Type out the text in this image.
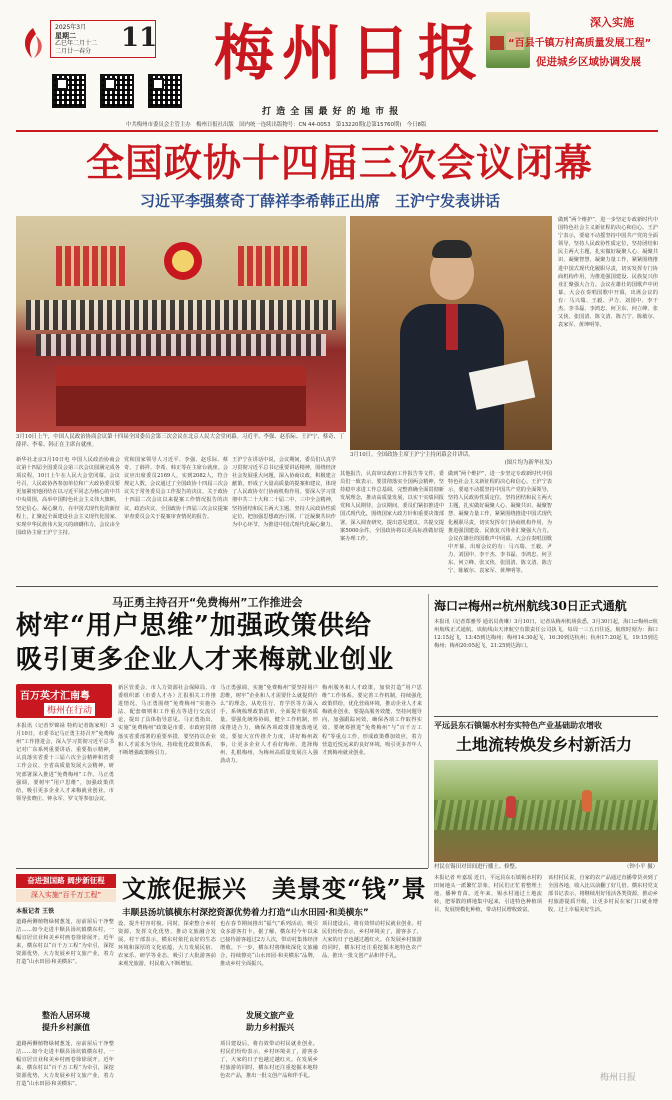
2025年3月
星期二
乙巳年二月十二
二月廿一春分 11 梅州日报
打 造 全 国 最 好 的 地 市 报
深入实施
“百县千镇万村高质量发展工程”
促进城乡区域协调发展
中共梅州市委员会主管主办　梅州日报社出版　国内统一连续出版物号：CN 44-0053　第13220期(总第15760期)　今日8版
全国政协十四届三次会议闭幕
习近平李强蔡奇丁薛祥李希韩正出席　王沪宁发表讲话
3月10日上午，中国人民政治协商会议第十四届全国委员会第三次会议在北京人民大会堂闭幕。习近平、李强、赵乐际、王沪宁、蔡奇、丁薛祥、李希、韩正在主席台就座。
3月10日，全国政协主席王沪宁主持闭幕会并讲话。
(图片均为新华社发)
新华社北京3月10日电 中国人民政治协商会议第十四届全国委员会第三次会议圆满完成各项议程，10日上午在人民大会堂闭幕。会议号召，人民政协各参加单位和广大政协委员要更加紧密地团结在以习近平同志为核心的中共中央周围，高举中国特色社会主义伟大旗帜，坚定信心、凝心聚力，在中国式现代化的新征程上，汇聚起全面建设社会主义现代化国家、实现中华民族伟大复兴的磅礴伟力。会议由全国政协主席王沪宁主持。
党和国家领导人习近平、李强、赵乐际、蔡奇、丁薛祥、李希、韩正等在主席台就座。会议应出席委员2169人，实到2082人，符合规定人数。会议通过了全国政协十四届三次会议关于常务委员会工作报告的决议、关于政协十四届二次会议以来提案工作情况报告的决议、政治决议、全国政协十四届三次会议提案审查委员会关于提案审查情况的报告。
王沪宁在讲话中说，会议期间，委员们认真学习贯彻习近平总书记重要讲话精神，围绕经济社会发展重大问题，深入协商议政，积极建言献策，形成了大量高质量的提案和建议，体现了人民政协专门协商机构作用。要深入学习贯彻中共二十大和二十届二中、三中全会精神，坚持团结和民主两大主题，坚持人民政协性质定位，把加强思想政治引领、广泛凝聚共识作为中心环节，为推进中国式现代化凝心聚力。
其他报告，认真审议政府工作报告等文件，委员们一致表示，要贯彻落实全国两会精神，坚持稳中求进工作总基调，完整准确全面贯彻新发展理念，推动高质量发展，以实干实绩回报党和人民期待。会议期间，委员们紧扣推进中国式现代化，围绕国家大政方针和重要决策部署，深入调查研究，提出意见建议，共提交提案5000余件。全国政协将以更高标准做好提案办理工作。
做到“两个维护”，进一步坚定专政新时代中国特色社会主义新征程的决心和信心。王沪宁表示，要毫不动摇坚持中国共产党的全面领导，坚持人民政协性质定位，坚持团结和民主两大主题，扎实做好凝聚人心、凝聚共识、凝聚智慧、凝聚力量工作，紧紧围绕推进中国式现代化履职尽责，切实发挥专门协商机构作用，为推进强国建设、民族复兴伟业汇聚强大合力。会议在雄壮的国歌声中闭幕。大会在奏唱国歌中开幕，出席会议的有：马兴瑞、王毅、尹力、刘国中、李干杰、李书磊、李鸿忠、何卫东、何立峰、张又侠、张国清、陈文清、陈吉宁、陈敏尔、袁家军、黄坤明等。
做到“两个维护”，进一步坚定专政新时代中国特色社会主义新征程的决心和信心。王沪宁表示，要毫不动摇坚持中国共产党的全面领导，坚持人民政协性质定位，坚持团结和民主两大主题，扎实做好凝聚人心、凝聚共识、凝聚智慧、凝聚力量工作，紧紧围绕推进中国式现代化履职尽责，切实发挥专门协商机构作用，为推进强国建设、民族复兴伟业汇聚强大合力。会议在雄壮的国歌声中闭幕。大会在奏唱国歌中开幕，出席会议的有：马兴瑞、王毅、尹力、刘国中、李干杰、李书磊、李鸿忠、何卫东、何立峰、张又侠、张国清、陈文清、陈吉宁、陈敏尔、袁家军、黄坤明等。
马正勇主持召开“免费梅州”工作推进会
树牢“用户思维”加强政策供给
吸引更多企业人才来梅就业创业
百万英才汇南粤
梅州在行动
本报讯（记者罗锦禄 特约记者陈家明）3月10日，市委书记马正勇主持召开“免费梅州”工作推进会，深入学习贯彻习近平总书记对广东系列重要讲话、重要指示精神，认真落实省委十三届六次全会精神和省委工作会议、全省高质量发展大会精神，研究部署深入推进“免费梅州”工作。马正勇强调，要树牢“用户思维”，加强政策供给，吸引更多企业人才来梅就业创业。市领导张晓庄、钟永军、罗文等参加会议。
新区管委会、市人力资源社会保障局、市委组织部（市委人才办）汇报相关工作推进情况，马正勇围绕“免费梅州”实施办法、配套细则和工作重点等进行交流讨论，提出了具体指导意见。马正勇指出，实施“免费梅州”政策是市委、市政府贯彻落实省委部署的重要举措，要坚持以企业和人才需求为导向，持续优化政策体系，不断增强政策吸引力。
马正勇强调，实施“免费梅州”要坚持用户思维，树牢“企业和人才需要什么就提供什么”的理念，从吃住行、育学医等方面入手，系统梳理政策清单，全面提升服务质量。要强化统筹协调，健全工作机制，形成推进合力，确保各项政策措施落地见效。要加大宣传推介力度，讲好梅州故事，让更多企业人才看好梅州、选择梅州、扎根梅州，为梅州高质量发展注入强劲动力。
梅州服务和人才政策，加快打造“用户思维”工作体系。要完善工作机制，持续强化政策供给，优化营商环境，推动企业人才来梅就业创业。要提高服务效能，坚持问题导向，加强跟踪问效，确保各项工作取得实效。要统筹推进“免费梅州”与“百千万工程”等重点工作，形成政策叠加效应，着力营造近悦远来的良好环境，吸引更多青年人才到梅州就业创业。
海口⇄梅州⇄杭州航线30日正式通航
本报讯（记者郑雅琴 通讯员黄琳）3月10日，记者从梅州机场获悉，3月30日起，海口⇄梅州⇄杭州航线正式通航。该航线由天津航空有限责任公司执飞，每周一三五日往返。航班时刻为：海口12:15起飞，13:45到达梅州；梅州14:30起飞，16:30到达杭州；杭州17:20起飞，19:15到达梅州；梅州20:05起飞，21:25到达海口。
平远县东石镇锡水村夯实特色产业基础助农增收
土地流转焕发乡村新活力
村民在锡田对田间进行播土、修整。	（钟小平 摄）
奋进强国路 阔步新征程
深入实施“百千万工程”
本报记者 王铁
文旅促振兴　美景变“钱”景
丰顺县汤坑镇横东村深挖资源优势着力打造“山水田园·和美横东”
道路两侧植物绿树葱茏，房前屋后干净整洁……如今走进丰顺县汤坑镇横东村，一幅宜居宜业和美乡村画卷徐徐展开。近年来，横东村以“百千万工程”为牵引，深挖资源优势，大力发展乡村文旅产业，着力打造“山水田园·和美横东”。
整治人居环境
提升乡村颜值
道路两侧植物绿树葱茏，房前屋后干净整洁……如今走进丰顺县汤坑镇横东村，一幅宜居宜业和美乡村画卷徐徐展开。近年来，横东村以“百千万工程”为牵引，深挖资源优势，大力发展乡村文旅产业，着力打造“山水田园·和美横东”。
设、提升村容村貌。同时，探索整合乡村资源，发挥文化优势，推动文旅融合发展。村干部表示，横东村依托良好的生态环境和深厚的文化底蕴，大力发展民宿、农家乐、研学等业态，吸引了大批游客前来观光旅游，村民收入不断增加。
也在春节期间推出“福气”系列活动，吸引众多游客打卡。据了解，横东村今年以来已接待游客超过2万人次，带动村集体经济增收。下一步，横东村将继续深化文旅融合，持续擦亮“山水田园·和美横东”品牌，推动乡村全面振兴。
发展文旅产业
助力乡村振兴
项目建设后，将有效带动村民就业创业。村民们纷纷表示，乡村环境美了，游客多了，大家的日子也越过越红火。在发展乡村旅游的同时，横东村还注重挖掘本地特色农产品，推出一批文创产品和伴手礼。
项目建设后，将有效带动村民就业创业。村民们纷纷表示，乡村环境美了，游客多了，大家的日子也越过越红火。在发展乡村旅游的同时，横东村还注重挖掘本地特色农产品，推出一批文创产品和伴手礼。
本报记者 叶嘉瑶 近日，平远县东石镇锡水村的田间地头一派繁忙景象，村民们正忙着整理土地、播种育苗。近年来，锡水村通过土地流转，把零散的耕地集中起来，引进特色种植项目，发展规模化种植，带动村民增收致富。
该村村民说，自家的农产品通过直播带货卖到了全国各地，收入比以前翻了好几倍。横东村党支部书记表示，将继续用好用活各类资源，推动乡村旅游提质升级，让更多村民在家门口就业增收，过上幸福美好生活。
梅州日报
